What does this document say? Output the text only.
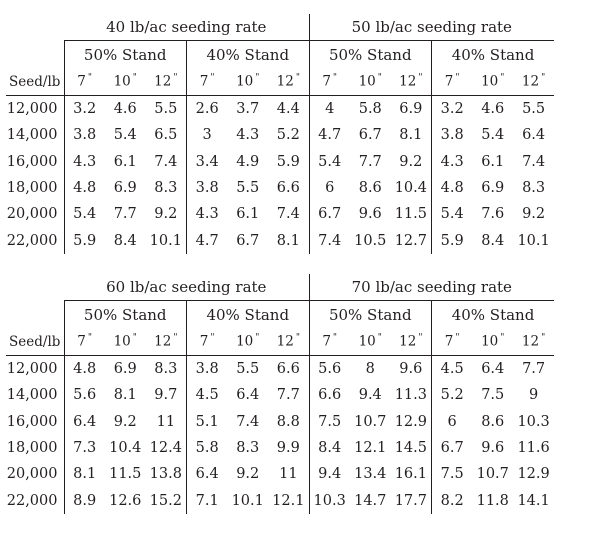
	40 lb/ac seeding rate						50 lb/ac seeding rate					
	50% Stand			40% Stand			50% Stand			40% Stand		
Seed/lb	7 "	10 "	12 "	7 "	10 "	12 "	7 "	10 "	12 "	7 "	10 "	12 "
12,000	3.2	4.6	5.5	2.6	3.7	4.4	4	5.8	6.9	3.2	4.6	5.5
14,000	3.8	5.4	6.5	3	4.3	5.2	4.7	6.7	8.1	3.8	5.4	6.4
16,000	4.3	6.1	7.4	3.4	4.9	5.9	5.4	7.7	9.2	4.3	6.1	7.4
18,000	4.8	6.9	8.3	3.8	5.5	6.6	6	8.6	10.4	4.8	6.9	8.3
20,000	5.4	7.7	9.2	4.3	6.1	7.4	6.7	9.6	11.5	5.4	7.6	9.2
22,000	5.9	8.4	10.1	4.7	6.7	8.1	7.4	10.5	12.7	5.9	8.4	10.1
	60 lb/ac seeding rate						70 lb/ac seeding rate					
	50% Stand			40% Stand			50% Stand			40% Stand		
Seed/lb	7 "	10 "	12 "	7 "	10 "	12 "	7 "	10 "	12 "	7 "	10 "	12 "
12,000	4.8	6.9	8.3	3.8	5.5	6.6	5.6	8	9.6	4.5	6.4	7.7
14,000	5.6	8.1	9.7	4.5	6.4	7.7	6.6	9.4	11.3	5.2	7.5	9
16,000	6.4	9.2	11	5.1	7.4	8.8	7.5	10.7	12.9	6	8.6	10.3
18,000	7.3	10.4	12.4	5.8	8.3	9.9	8.4	12.1	14.5	6.7	9.6	11.6
20,000	8.1	11.5	13.8	6.4	9.2	11	9.4	13.4	16.1	7.5	10.7	12.9
22,000	8.9	12.6	15.2	7.1	10.1	12.1	10.3	14.7	17.7	8.2	11.8	14.1
